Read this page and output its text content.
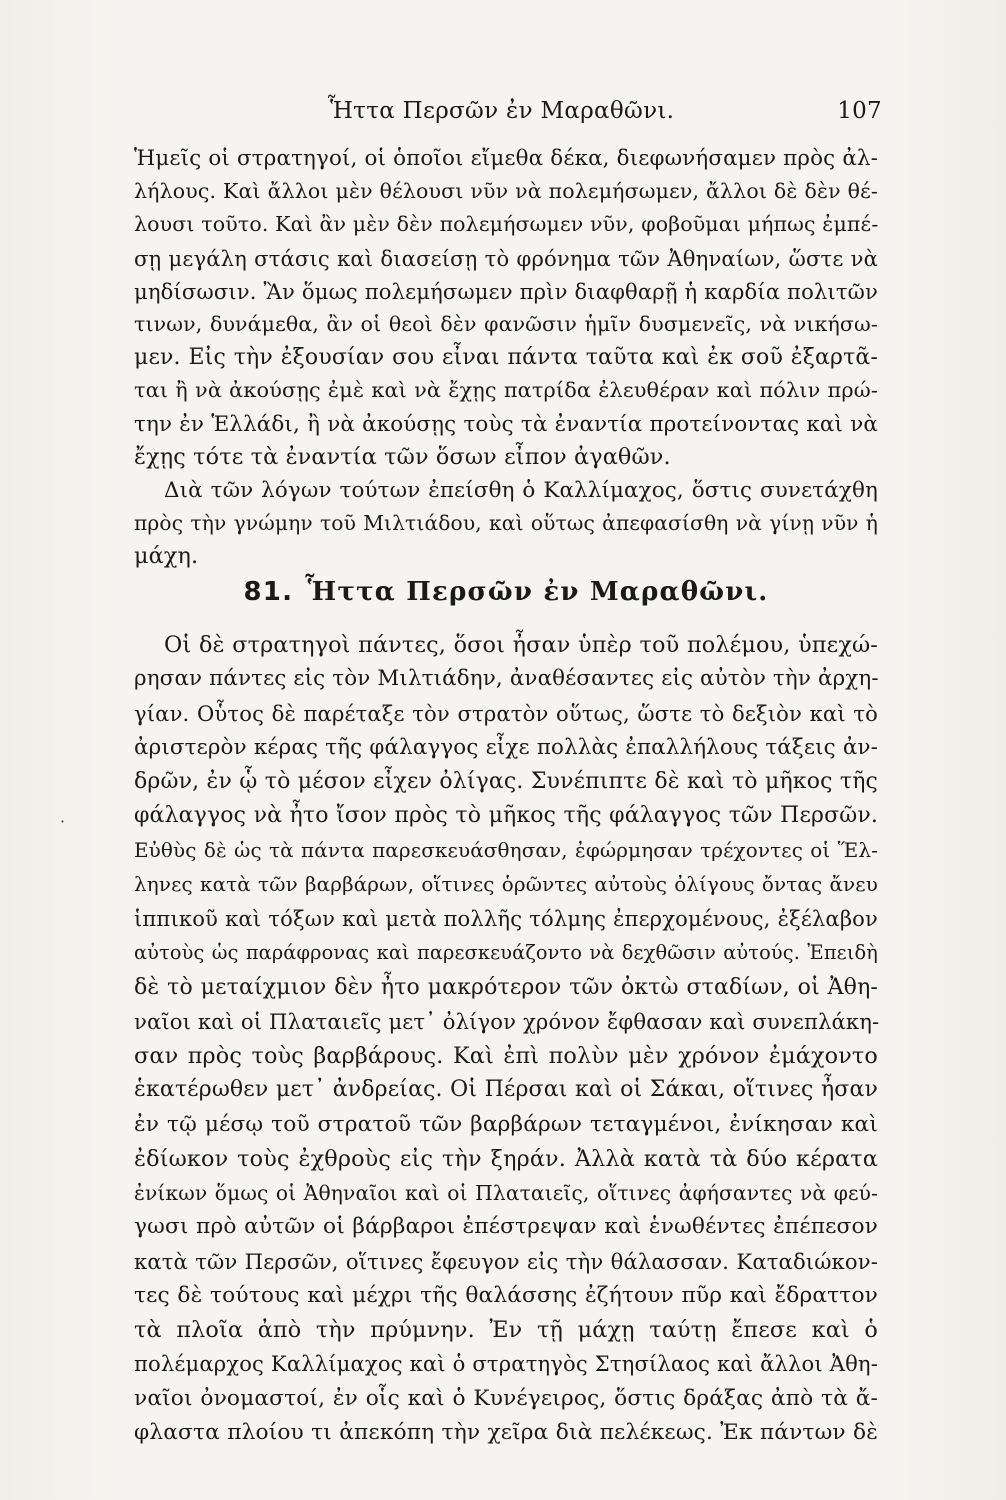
Ἧττα Περσῶν ἐν Μαραθῶνι.	107
Ἡμεῖς οἱ στρατηγοί, οἱ ὁποῖοι εἴμεθα δέκα, διεφωνήσαμεν πρὸς ἀλ-
λήλους. Καὶ ἄλλοι μὲν θέλουσι νῦν νὰ πολεμήσωμεν, ἄλλοι δὲ δὲν θέ-
λουσι τοῦτο. Καὶ ἂν μὲν δὲν πολεμήσωμεν νῦν, φοβοῦμαι μήπως ἐμπέ-
σῃ μεγάλη στάσις καὶ διασείσῃ τὸ φρόνημα τῶν Ἀθηναίων, ὥστε νὰ
μηδίσωσιν. Ἂν ὅμως πολεμήσωμεν πρὶν διαφθαρῇ ἡ καρδία πολιτῶν
τινων, δυνάμεθα, ἂν οἱ θεοὶ δὲν φανῶσιν ἡμῖν δυσμενεῖς, νὰ νικήσω-
μεν. Εἰς τὴν ἐξουσίαν σου εἶναι πάντα ταῦτα καὶ ἐκ σοῦ ἐξαρτᾶ-
ται ἢ νὰ ἀκούσῃς ἐμὲ καὶ νὰ ἔχῃς πατρίδα ἐλευθέραν καὶ πόλιν πρώ-
την ἐν Ἑλλάδι, ἢ νὰ ἀκούσῃς τοὺς τὰ ἐναντία προτείνοντας καὶ νὰ
ἔχῃς τότε τὰ ἐναντία τῶν ὅσων εἶπον ἀγαθῶν.
Διὰ τῶν λόγων τούτων ἐπείσθη ὁ Καλλίμαχος, ὅστις συνετάχθη
πρὸς τὴν γνώμην τοῦ Μιλτιάδου, καὶ οὕτως ἀπεφασίσθη νὰ γίνῃ νῦν ἡ
μάχη.
81. Ἧττα Περσῶν ἐν Μαραθῶνι.
Οἱ δὲ στρατηγοὶ πάντες, ὅσοι ἦσαν ὑπὲρ τοῦ πολέμου, ὑπεχώ-
ρησαν πάντες εἰς τὸν Μιλτιάδην, ἀναθέσαντες εἰς αὐτὸν τὴν ἀρχη-
γίαν. Οὗτος δὲ παρέταξε τὸν στρατὸν οὕτως, ὥστε τὸ δεξιὸν καὶ τὸ
ἀριστερὸν κέρας τῆς φάλαγγος εἶχε πολλὰς ἐπαλλήλους τάξεις ἀν-
δρῶν, ἐν ᾧ τὸ μέσον εἶχεν ὀλίγας. Συνέπιπτε δὲ καὶ τὸ μῆκος τῆς
φάλαγγος νὰ ἦτο ἴσον πρὸς τὸ μῆκος τῆς φάλαγγος τῶν Περσῶν.
Εὐθὺς δὲ ὡς τὰ πάντα παρεσκευάσθησαν, ἐφώρμησαν τρέχοντες οἱ Ἕλ-
ληνες κατὰ τῶν βαρβάρων, οἵτινες ὁρῶντες αὐτοὺς ὀλίγους ὄντας ἄνευ
ἱππικοῦ καὶ τόξων καὶ μετὰ πολλῆς τόλμης ἐπερχομένους, ἐξέλαβον
αὐτοὺς ὡς παράφρονας καὶ παρεσκευάζοντο νὰ δεχθῶσιν αὐτούς. Ἐπειδὴ
δὲ τὸ μεταίχμιον δὲν ἦτο μακρότερον τῶν ὀκτὼ σταδίων, οἱ Ἀθη-
ναῖοι καὶ οἱ Πλαταιεῖς μετ᾽ ὀλίγον χρόνον ἔφθασαν καὶ συνεπλάκη-
σαν πρὸς τοὺς βαρβάρους. Καὶ ἐπὶ πολὺν μὲν χρόνον ἐμάχοντο
ἑκατέρωθεν μετ᾽ ἀνδρείας. Οἱ Πέρσαι καὶ οἱ Σάκαι, οἵτινες ἦσαν
ἐν τῷ μέσῳ τοῦ στρατοῦ τῶν βαρβάρων τεταγμένοι, ἐνίκησαν καὶ
ἐδίωκον τοὺς ἐχθροὺς εἰς τὴν ξηράν. Ἀλλὰ κατὰ τὰ δύο κέρατα
ἐνίκων ὅμως οἱ Ἀθηναῖοι καὶ οἱ Πλαταιεῖς, οἵτινες ἀφήσαντες νὰ φεύ-
γωσι πρὸ αὐτῶν οἱ βάρβαροι ἐπέστρεψαν καὶ ἑνωθέντες ἐπέπεσον
κατὰ τῶν Περσῶν, οἵτινες ἔφευγον εἰς τὴν θάλασσαν. Καταδιώκον-
τες δὲ τούτους καὶ μέχρι τῆς θαλάσσης ἐζήτουν πῦρ καὶ ἔδραττον
τὰ πλοῖα ἀπὸ τὴν πρύμνην. Ἐν τῇ μάχῃ ταύτῃ ἔπεσε καὶ ὁ
πολέμαρχος Καλλίμαχος καὶ ὁ στρατηγὸς Στησίλαος καὶ ἄλλοι Ἀθη-
ναῖοι ὀνομαστοί, ἐν οἷς καὶ ὁ Κυνέγειρος, ὅστις δράξας ἀπὸ τὰ ἄ-
φλαστα πλοίου τι ἀπεκόπη τὴν χεῖρα διὰ πελέκεως. Ἐκ πάντων δὲ
·
